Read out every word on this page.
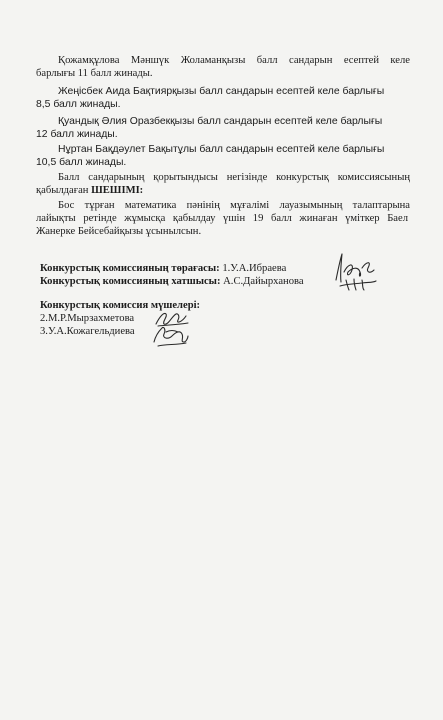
Қожамқұлова Мәншүк Жоламанқызы балл сандарын есептей келе
барлығы 11 балл жинады.
Жеңісбек Аида Бақтиярқызы балл сандарын есептей келе барлығы
8,5 балл жинады.
Қуандық Әлия Оразбекқызы балл сандарын есептей келе барлығы
12 балл жинады.
Нұртан Бақдәулет Бақытұлы балл сандарын есептей келе барлығы
10,5 балл жинады.
Балл сандарының қорытындысы негізінде конкурстық комиссиясының
қабылдаған ШЕШІМІ:
Бос тұрған математика пәнінің мұғалімі лауазымының талаптарына
лайықты ретінде жұмысқа қабылдау үшін 19 балл жинаған үміткер Баел
Жанерке Бейсебайқызы ұсынылсын.
Конкурстық комиссияның төрағасы: 1.У.А.Ибраева
Конкурстық комиссияның хатшысы: А.С.Дайырханова
Конкурстық комиссия мүшелері:
2.М.Р.Мырзахметова
3.У.А.Кожагельдиева
